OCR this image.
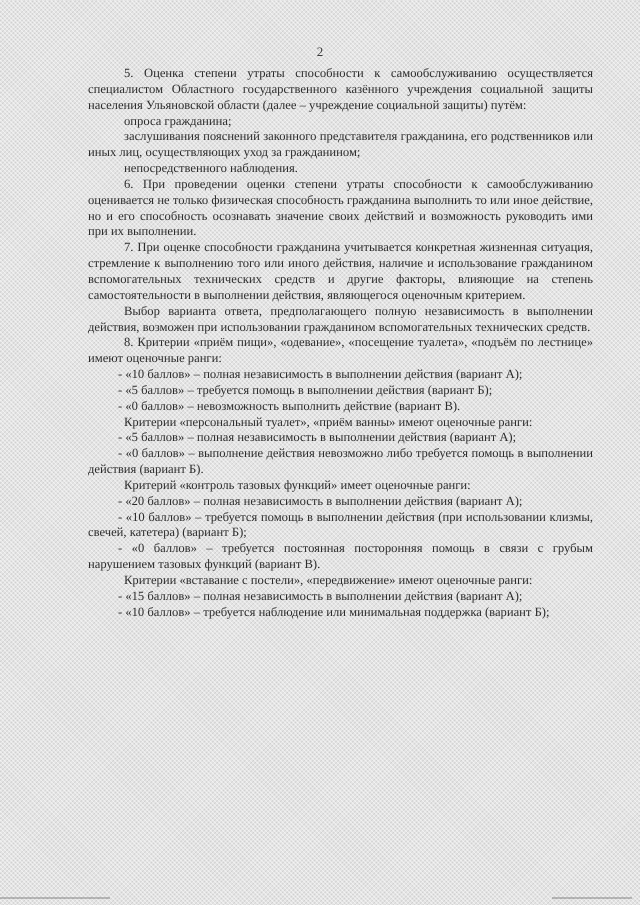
2

5. Оценка степени утраты способности к самообслуживанию осуществляется специалистом Областного государственного казённого учреждения социальной защиты населения Ульяновской области (далее – учреждение социальной защиты) путём:

опроса гражданина;

заслушивания пояснений законного представителя гражданина, его родственников или иных лиц, осуществляющих уход за гражданином;

непосредственного наблюдения.

6. При проведении оценки степени утраты способности к самообслуживанию оценивается не только физическая способность гражданина выполнить то или иное действие, но и его способность осознавать значение своих действий и возможность руководить ими при их выполнении.

7. При оценке способности гражданина учитывается конкретная жизненная ситуация, стремление к выполнению того или иного действия, наличие и использование гражданином вспомогательных технических средств и другие факторы, влияющие на степень самостоятельности в выполнении действия, являющегося оценочным критерием.

Выбор варианта ответа, предполагающего полную независимость в выполнении действия, возможен при использовании гражданином вспомогательных технических средств.

8. Критерии «приём пищи», «одевание», «посещение туалета», «подъём по лестнице» имеют оценочные ранги:

- «10 баллов» – полная независимость в выполнении действия (вариант А);

- «5 баллов» – требуется помощь в выполнении действия (вариант Б);

- «0 баллов» – невозможность выполнить действие (вариант В).

Критерии «персональный туалет», «приём ванны» имеют оценочные ранги:

- «5 баллов» – полная независимость в выполнении действия (вариант А);

- «0 баллов» – выполнение действия невозможно либо требуется помощь в выполнении действия (вариант Б).

Критерий «контроль тазовых функций» имеет оценочные ранги:

- «20 баллов» – полная независимость в выполнении действия (вариант А);

- «10 баллов» – требуется помощь в выполнении действия (при использовании клизмы, свечей, катетера) (вариант Б);

- «0 баллов» – требуется постоянная посторонняя помощь в связи с грубым нарушением тазовых функций (вариант В).

Критерии «вставание с постели», «передвижение» имеют оценочные ранги:

- «15 баллов» – полная независимость в выполнении действия (вариант А);

- «10 баллов» – требуется наблюдение или минимальная поддержка (вариант Б);
